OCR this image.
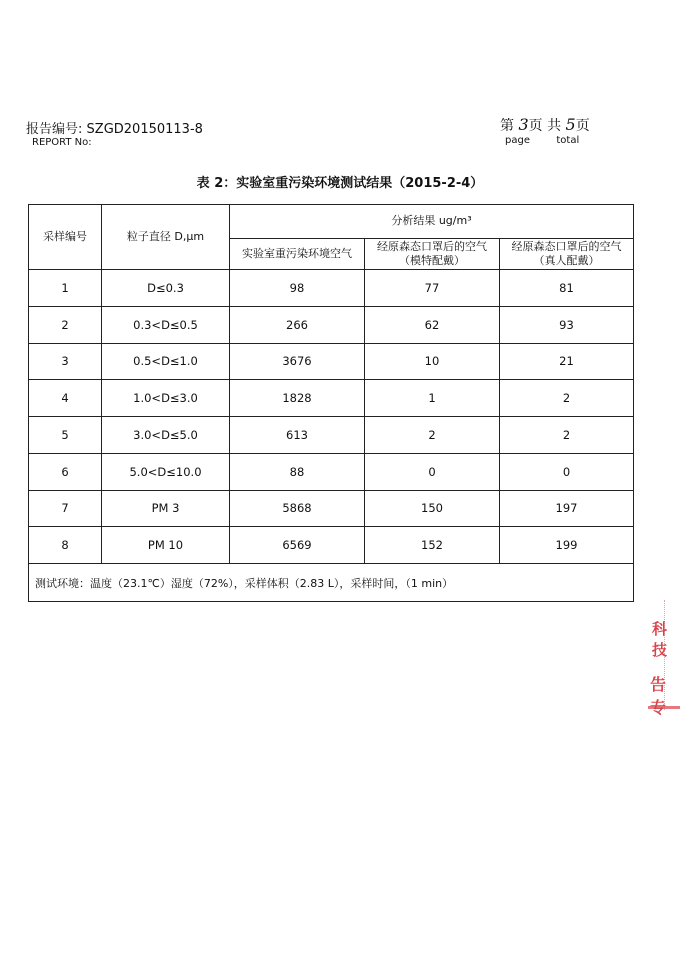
报告编号: SZGD20150113-8
REPORT No:
第 3页 共 5页
page	total
表 2：实验室重污染环境测试结果（2015-2-4）
采样编号	粒子直径 D,μm	分析结果 ug/m³		
		实验室重污染环境空气	经原森态口罩后的空气（模特配戴）	经原森态口罩后的空气（真人配戴）
1	D≤0.3	98	77	81
2	0.3<D≤0.5	266	62	93
3	0.5<D≤1.0	3676	10	21
4	1.0<D≤3.0	1828	1	2
5	3.0<D≤5.0	613	2	2
6	5.0<D≤10.0	88	0	0
7	PM 3	5868	150	197
8	PM 10	6569	152	199
测试环境：温度（23.1℃）湿度（72%），采样体积（2.83 L），采样时间，（1 min）				
科技
告
